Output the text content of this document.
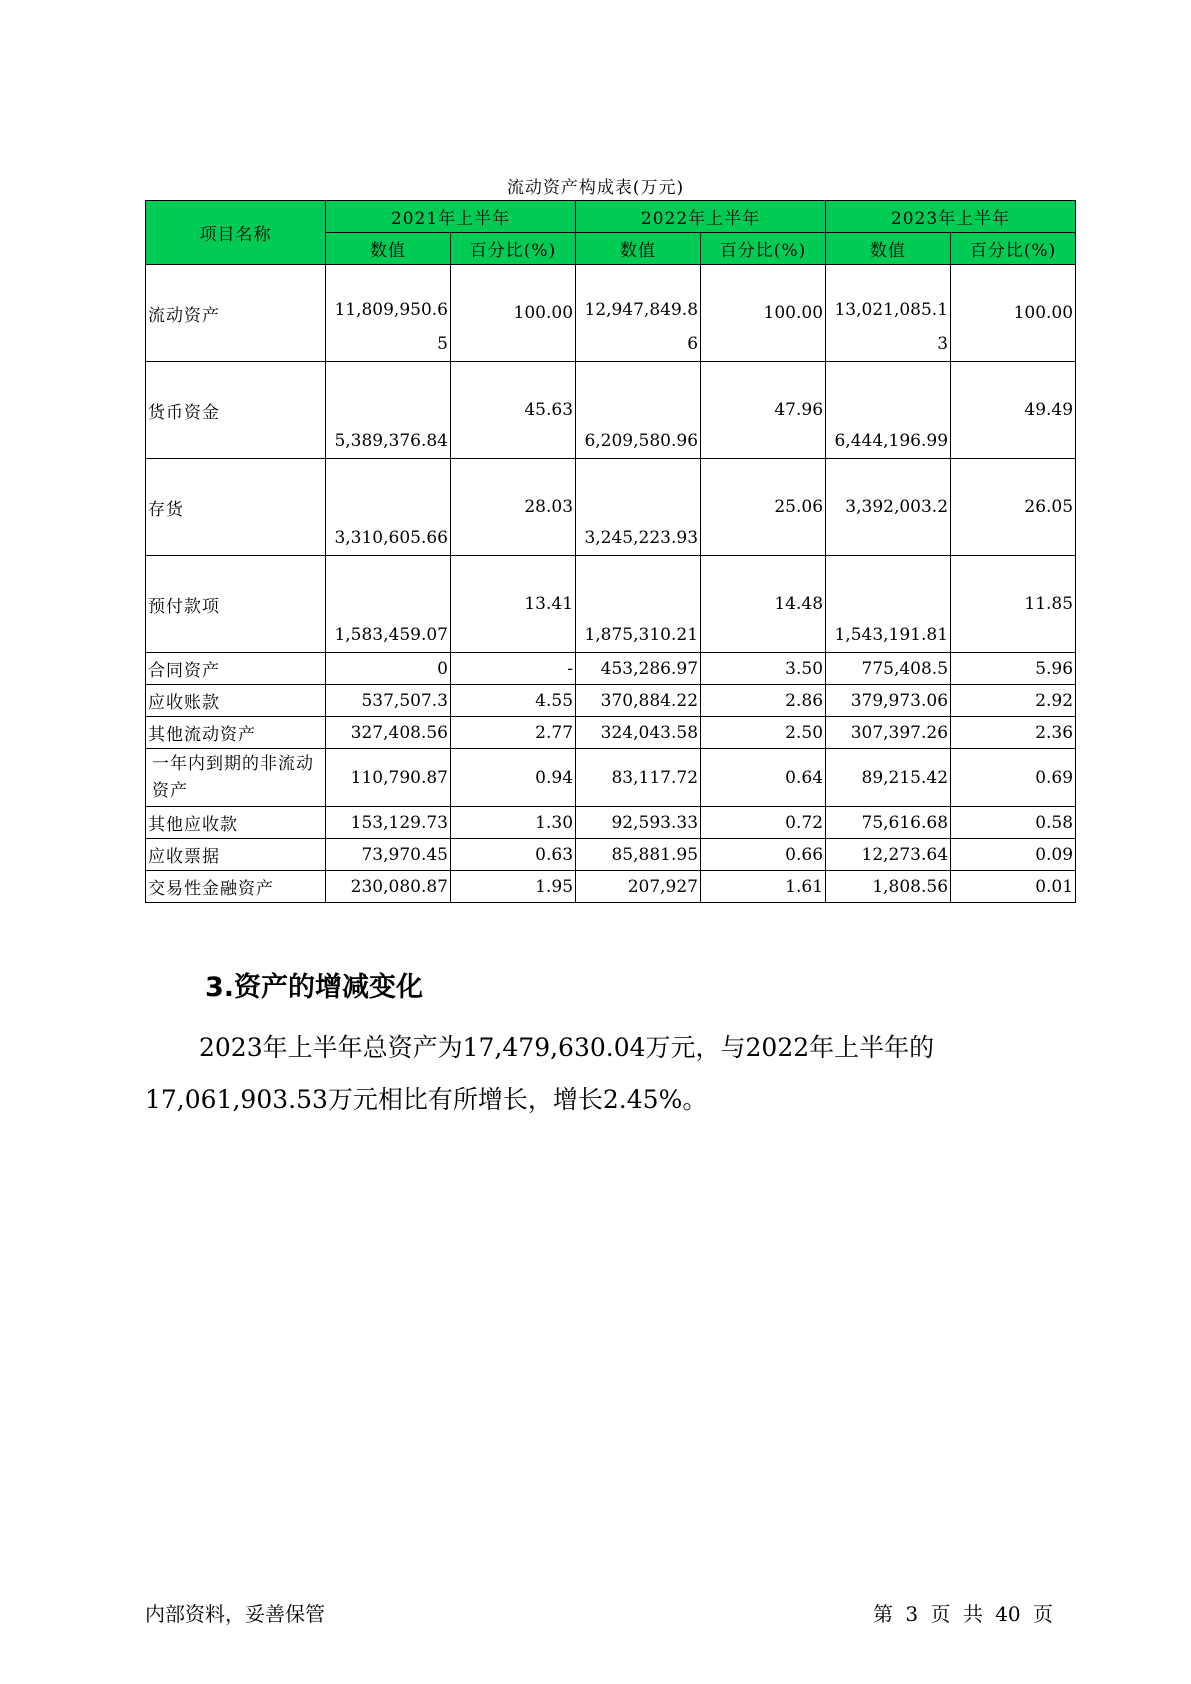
流动资产构成表(万元)
项目名称	2021年上半年		2022年上半年		2023年上半年	
	数值	百分比(%)	数值	百分比(%)	数值	百分比(%)
流动资产	11,809,950.65	100.00	12,947,849.86	100.00	13,021,085.13	100.00
货币资金	5,389,376.84	45.63	6,209,580.96	47.96	6,444,196.99	49.49
存货	3,310,605.66	28.03	3,245,223.93	25.06	3,392,003.2	26.05
预付款项	1,583,459.07	13.41	1,875,310.21	14.48	1,543,191.81	11.85
合同资产	0	-	453,286.97	3.50	775,408.5	5.96
应收账款	537,507.3	4.55	370,884.22	2.86	379,973.06	2.92
其他流动资产	327,408.56	2.77	324,043.58	2.50	307,397.26	2.36
一年内到期的非流动资产	110,790.87	0.94	83,117.72	0.64	89,215.42	0.69
其他应收款	153,129.73	1.30	92,593.33	0.72	75,616.68	0.58
应收票据	73,970.45	0.63	85,881.95	0.66	12,273.64	0.09
交易性金融资产	230,080.87	1.95	207,927	1.61	1,808.56	0.01
3.资产的增减变化

2023年上半年总资产为17,479,630.04万元，与2022年上半年的17,061,903.53万元相比有所增长，增长2.45%。

内部资料，妥善保管	第 3 页 共 40 页
